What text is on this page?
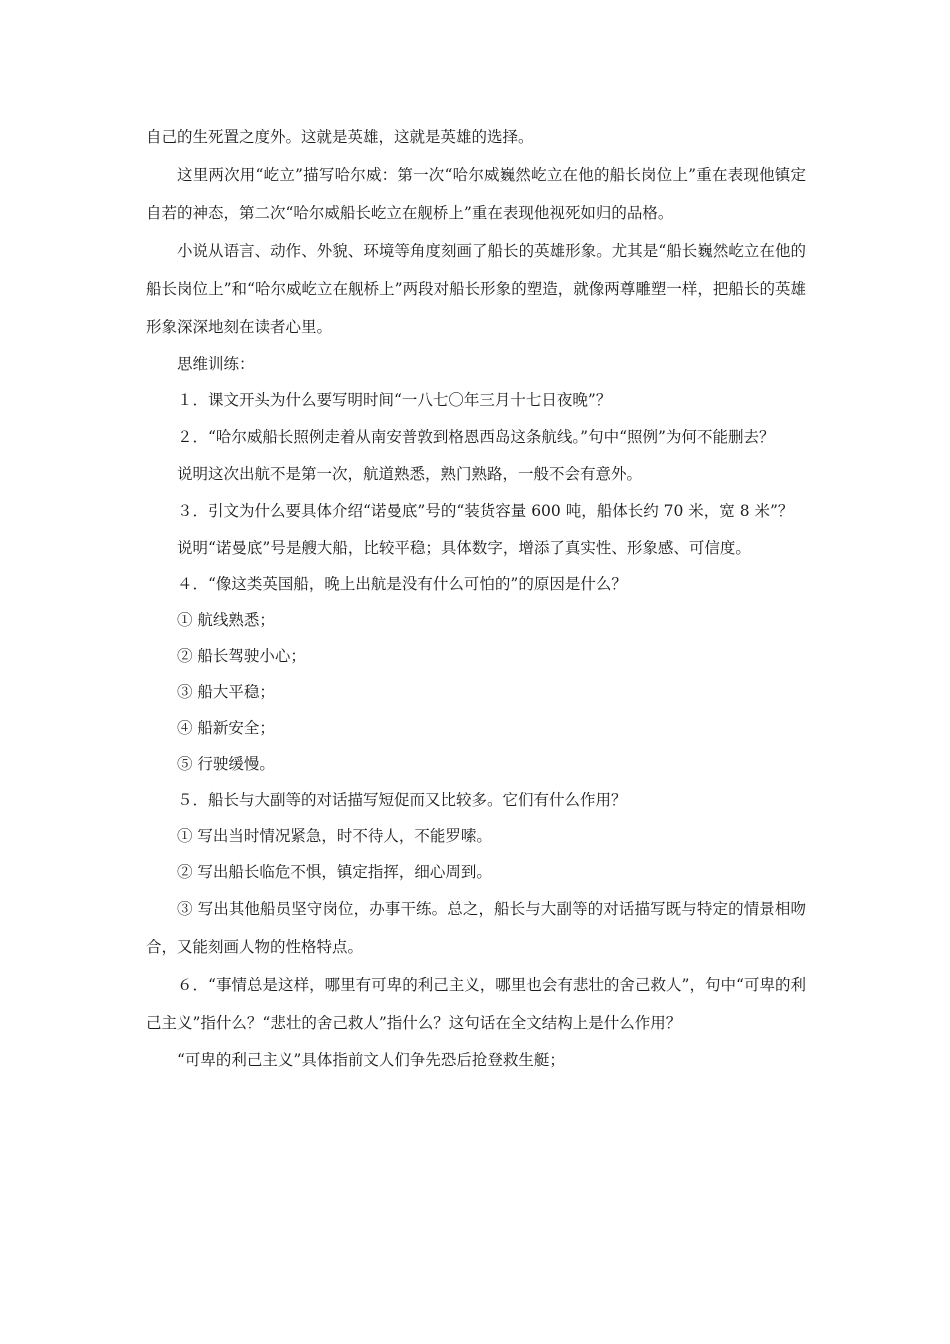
自己的生死置之度外。这就是英雄，这就是英雄的选择。

这里两次用“屹立”描写哈尔威：第一次“哈尔威巍然屹立在他的船长岗位上”重在表现他镇定自若的神态，第二次“哈尔威船长屹立在舰桥上”重在表现他视死如归的品格。

小说从语言、动作、外貌、环境等角度刻画了船长的英雄形象。尤其是“船长巍然屹立在他的船长岗位上”和“哈尔威屹立在舰桥上”两段对船长形象的塑造，就像两尊雕塑一样，把船长的英雄形象深深地刻在读者心里。

思维训练：

１．课文开头为什么要写明时间“一八七〇年三月十七日夜晚”？

２．“哈尔威船长照例走着从南安普敦到格恩西岛这条航线。”句中“照例”为何不能删去？

说明这次出航不是第一次，航道熟悉，熟门熟路，一般不会有意外。

３．引文为什么要具体介绍“诺曼底”号的“装货容量 600 吨，船体长约 70 米，宽 8 米”？

说明“诺曼底”号是艘大船，比较平稳；具体数字，增添了真实性、形象感、可信度。

４．“像这类英国船，晚上出航是没有什么可怕的”的原因是什么？

① 航线熟悉；

② 船长驾驶小心；

③ 船大平稳；

④ 船新安全；

⑤ 行驶缓慢。

５．船长与大副等的对话描写短促而又比较多。它们有什么作用？

① 写出当时情况紧急，时不待人，不能罗嗦。

② 写出船长临危不惧，镇定指挥，细心周到。

③ 写出其他船员坚守岗位，办事干练。总之，船长与大副等的对话描写既与特定的情景相吻合，又能刻画人物的性格特点。

６．“事情总是这样，哪里有可卑的利己主义，哪里也会有悲壮的舍己救人”，句中“可卑的利己主义”指什么？“悲壮的舍己救人”指什么？这句话在全文结构上是什么作用？

“可卑的利己主义”具体指前文人们争先恐后抢登救生艇；
